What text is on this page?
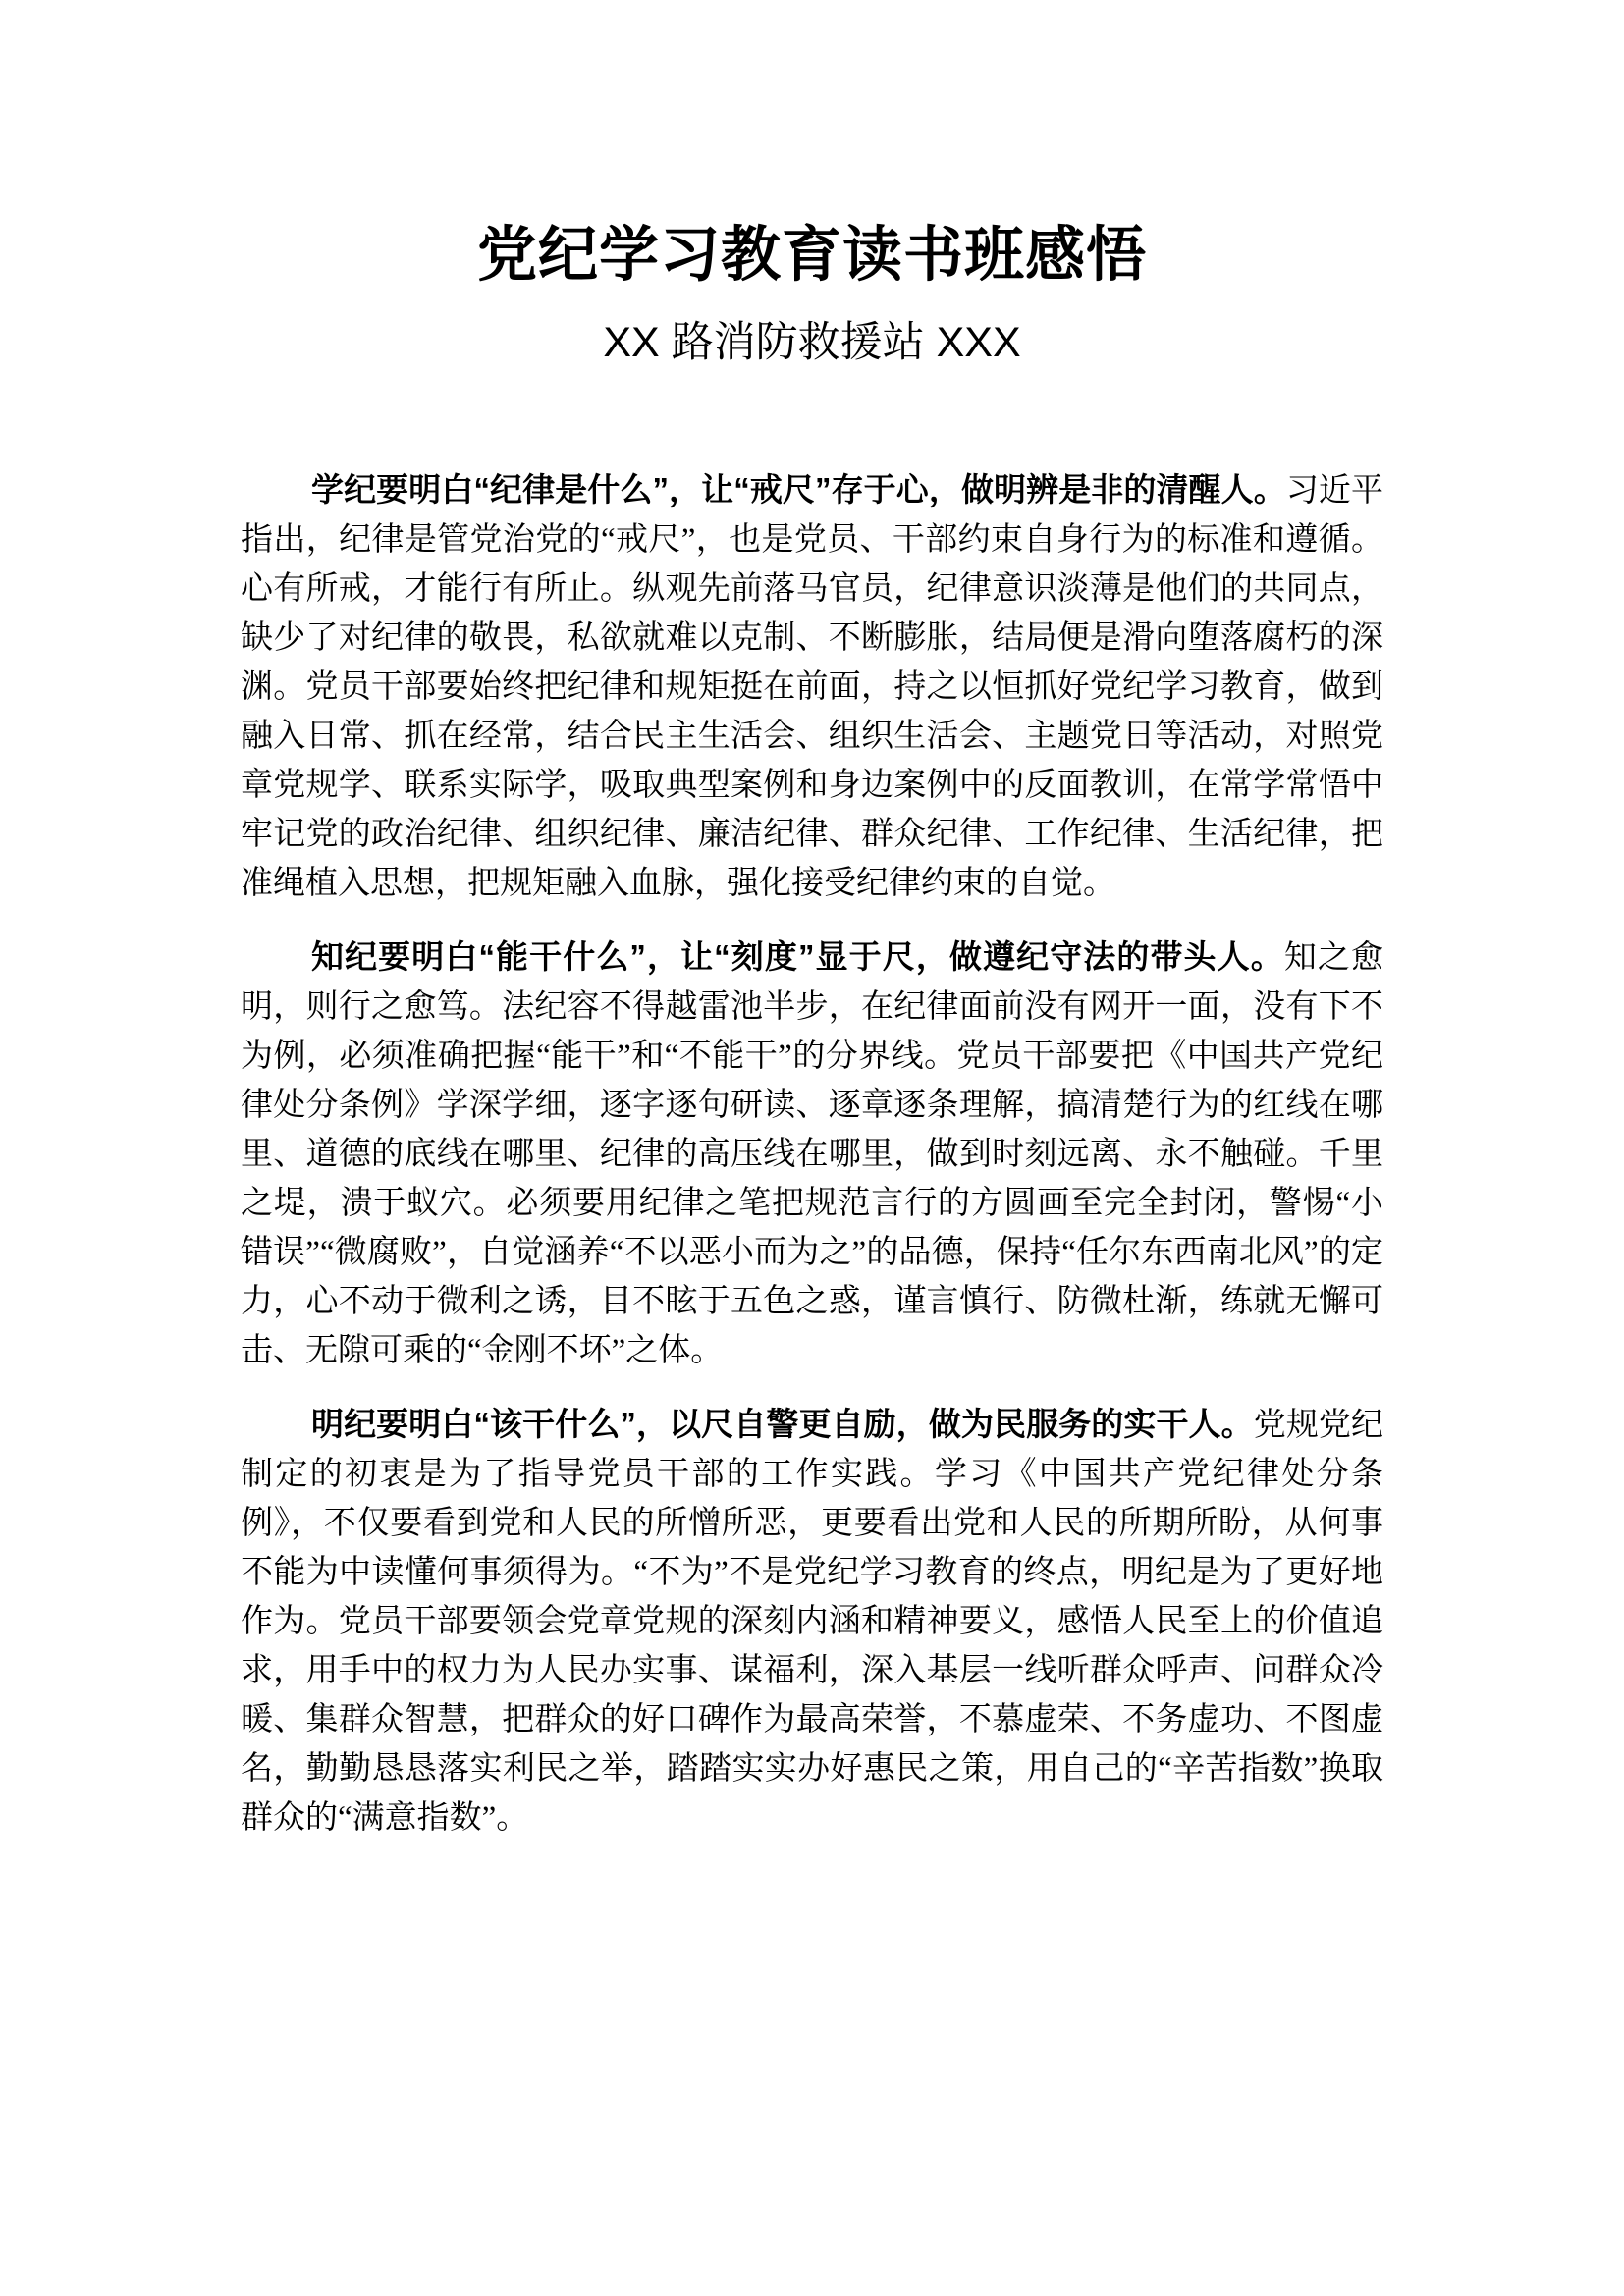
党纪学习教育读书班感悟
XX 路消防救援站 XXX

学纪要明白“纪律是什么”，让“戒尺”存于心，做明辨是非的清醒人。习近平指出，纪律是管党治党的“戒尺”，也是党员、干部约束自身行为的标准和遵循。心有所戒，才能行有所止。纵观先前落马官员，纪律意识淡薄是他们的共同点，缺少了对纪律的敬畏，私欲就难以克制、不断膨胀，结局便是滑向堕落腐朽的深渊。党员干部要始终把纪律和规矩挺在前面，持之以恒抓好党纪学习教育，做到融入日常、抓在经常，结合民主生活会、组织生活会、主题党日等活动，对照党章党规学、联系实际学，吸取典型案例和身边案例中的反面教训，在常学常悟中牢记党的政治纪律、组织纪律、廉洁纪律、群众纪律、工作纪律、生活纪律，把准绳植入思想，把规矩融入血脉，强化接受纪律约束的自觉。

知纪要明白“能干什么”，让“刻度”显于尺，做遵纪守法的带头人。知之愈明，则行之愈笃。法纪容不得越雷池半步，在纪律面前没有网开一面，没有下不为例，必须准确把握“能干”和“不能干”的分界线。党员干部要把《中国共产党纪律处分条例》学深学细，逐字逐句研读、逐章逐条理解，搞清楚行为的红线在哪里、道德的底线在哪里、纪律的高压线在哪里，做到时刻远离、永不触碰。千里之堤，溃于蚁穴。必须要用纪律之笔把规范言行的方圆画至完全封闭，警惕“小错误”“微腐败”，自觉涵养“不以恶小而为之”的品德，保持“任尔东西南北风”的定力，心不动于微利之诱，目不眩于五色之惑，谨言慎行、防微杜渐，练就无懈可击、无隙可乘的“金刚不坏”之体。

明纪要明白“该干什么”，以尺自警更自励，做为民服务的实干人。党规党纪制定的初衷是为了指导党员干部的工作实践。学习《中国共产党纪律处分条例》，不仅要看到党和人民的所憎所恶，更要看出党和人民的所期所盼，从何事不能为中读懂何事须得为。“不为”不是党纪学习教育的终点，明纪是为了更好地作为。党员干部要领会党章党规的深刻内涵和精神要义，感悟人民至上的价值追求，用手中的权力为人民办实事、谋福利，深入基层一线听群众呼声、问群众冷暖、集群众智慧，把群众的好口碑作为最高荣誉，不慕虚荣、不务虚功、不图虚名，勤勤恳恳落实利民之举，踏踏实实办好惠民之策，用自己的“辛苦指数”换取群众的“满意指数”。
